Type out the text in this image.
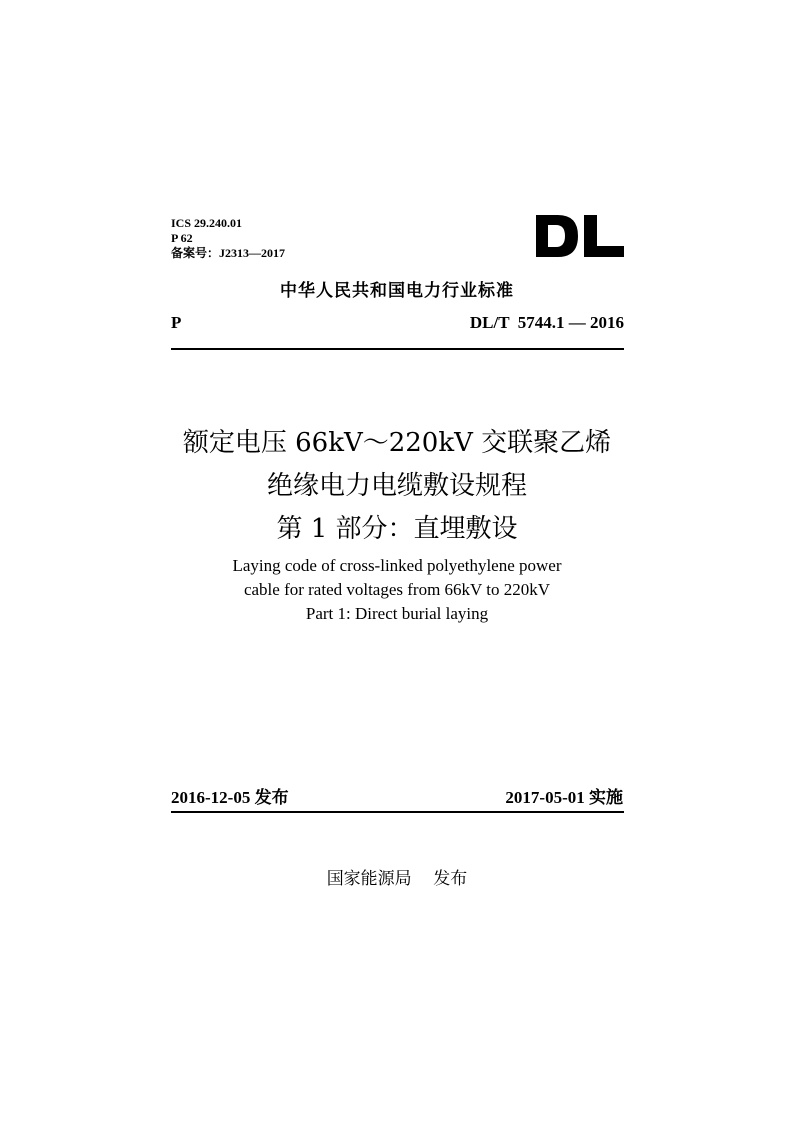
ICS 29.240.01
P 62
备案号：J2313—2017
中华人民共和国电力行业标准
P	DL/T  5744.1 — 2016
额定电压 66kV～220kV 交联聚乙烯
绝缘电力电缆敷设规程
第 1 部分：直埋敷设
Laying code of cross-linked polyethylene power
cable for rated voltages from 66kV to 220kV
Part 1: Direct burial laying
2016-12-05 发布	2017-05-01 实施
国家能源局    发布
